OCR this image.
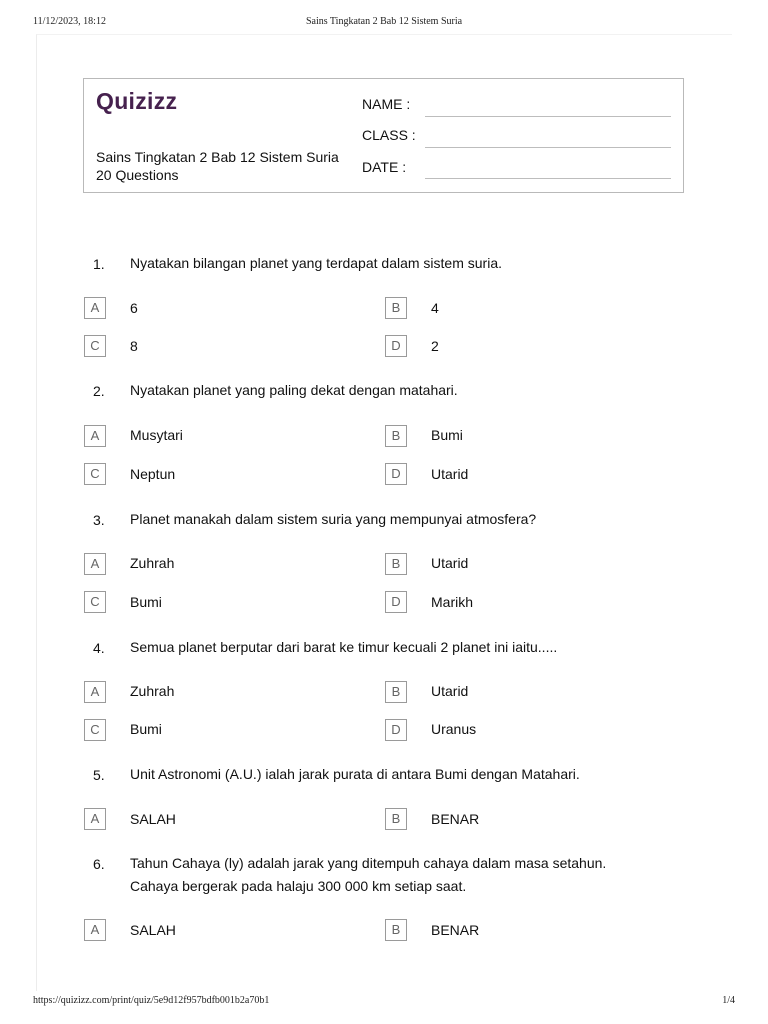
11/12/2023, 18:12	Sains Tingkatan 2 Bab 12 Sistem Suria
Quizizz
Sains Tingkatan 2 Bab 12 Sistem Suria
20 Questions
NAME :
CLASS :
DATE :
1. Nyatakan bilangan planet yang terdapat dalam sistem suria.
A	6	B	4
C	8	D	2
2. Nyatakan planet yang paling dekat dengan matahari.
A	Musytari	B	Bumi
C	Neptun	D	Utarid
3. Planet manakah dalam sistem suria yang mempunyai atmosfera?
A	Zuhrah	B	Utarid
C	Bumi	D	Marikh
4. Semua planet berputar dari barat ke timur kecuali 2 planet ini iaitu.....
A	Zuhrah	B	Utarid
C	Bumi	D	Uranus
5. Unit Astronomi (A.U.) ialah jarak purata di antara Bumi dengan Matahari.
A	SALAH	B	BENAR
6. Tahun Cahaya (ly) adalah jarak yang ditempuh cahaya dalam masa setahun.
Cahaya bergerak pada halaju 300 000 km setiap saat.
A	SALAH	B	BENAR
https://quizizz.com/print/quiz/5e9d12f957bdfb001b2a70b1	1/4
